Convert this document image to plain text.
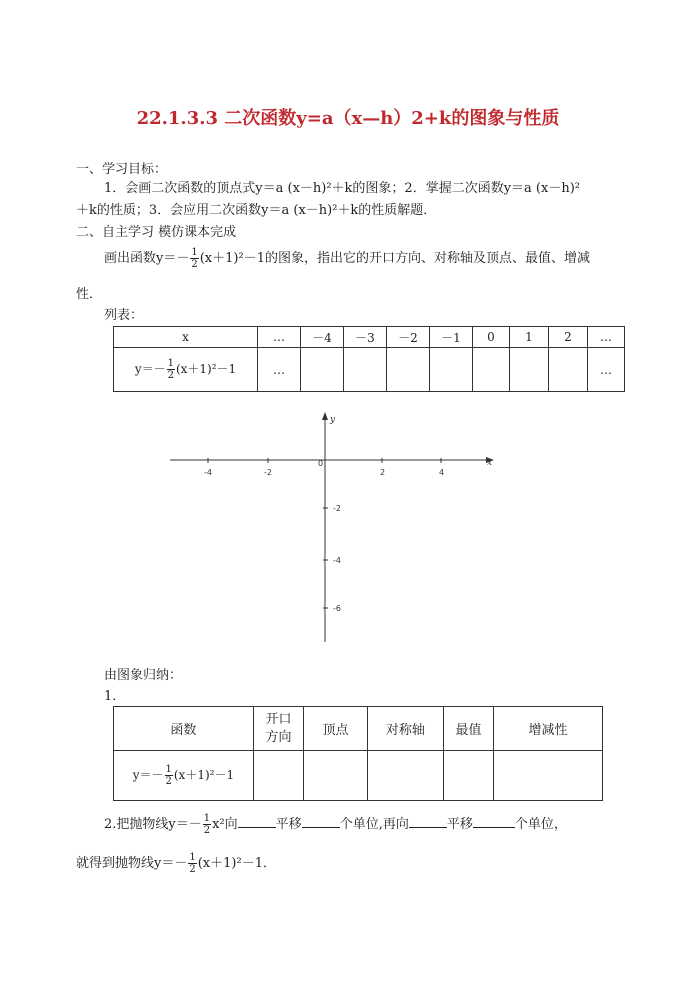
22.1.3.3 二次函数y=a（x—h）2+k的图象与性质
一、学习目标：
1．会画二次函数的顶点式y＝a (x－h)²＋k的图象；2．掌握二次函数y＝a (x－h)²
＋k的性质；3．会应用二次函数y＝a (x－h)²＋k的性质解题．
二、自主学习 模仿课本完成
画出函数$y=- \frac{1}{2} (x+1)^2-1$的图象，指出它的开口方向、对称轴及顶点、最值、增减
性．
列表：
x	…	－4	－3	－2	－1	0	1	2	…
$y=- \frac{1}{2} (x+1)^2-1$	…								…
-4	-2	2	4
0
-2
-4
-6
x
y
由图象归纳：
1．
函数	开口
方向	顶点	对称轴	最值	增减性
$y=- \frac{1}{2} (x+1)^2-1$					
2.把抛物线$y=- \frac{1}{2} x^2$向	平移	个单位,再向	平移	个单位，
就得到抛物线$y=- \frac{1}{2} (x+1)^2-1$．
